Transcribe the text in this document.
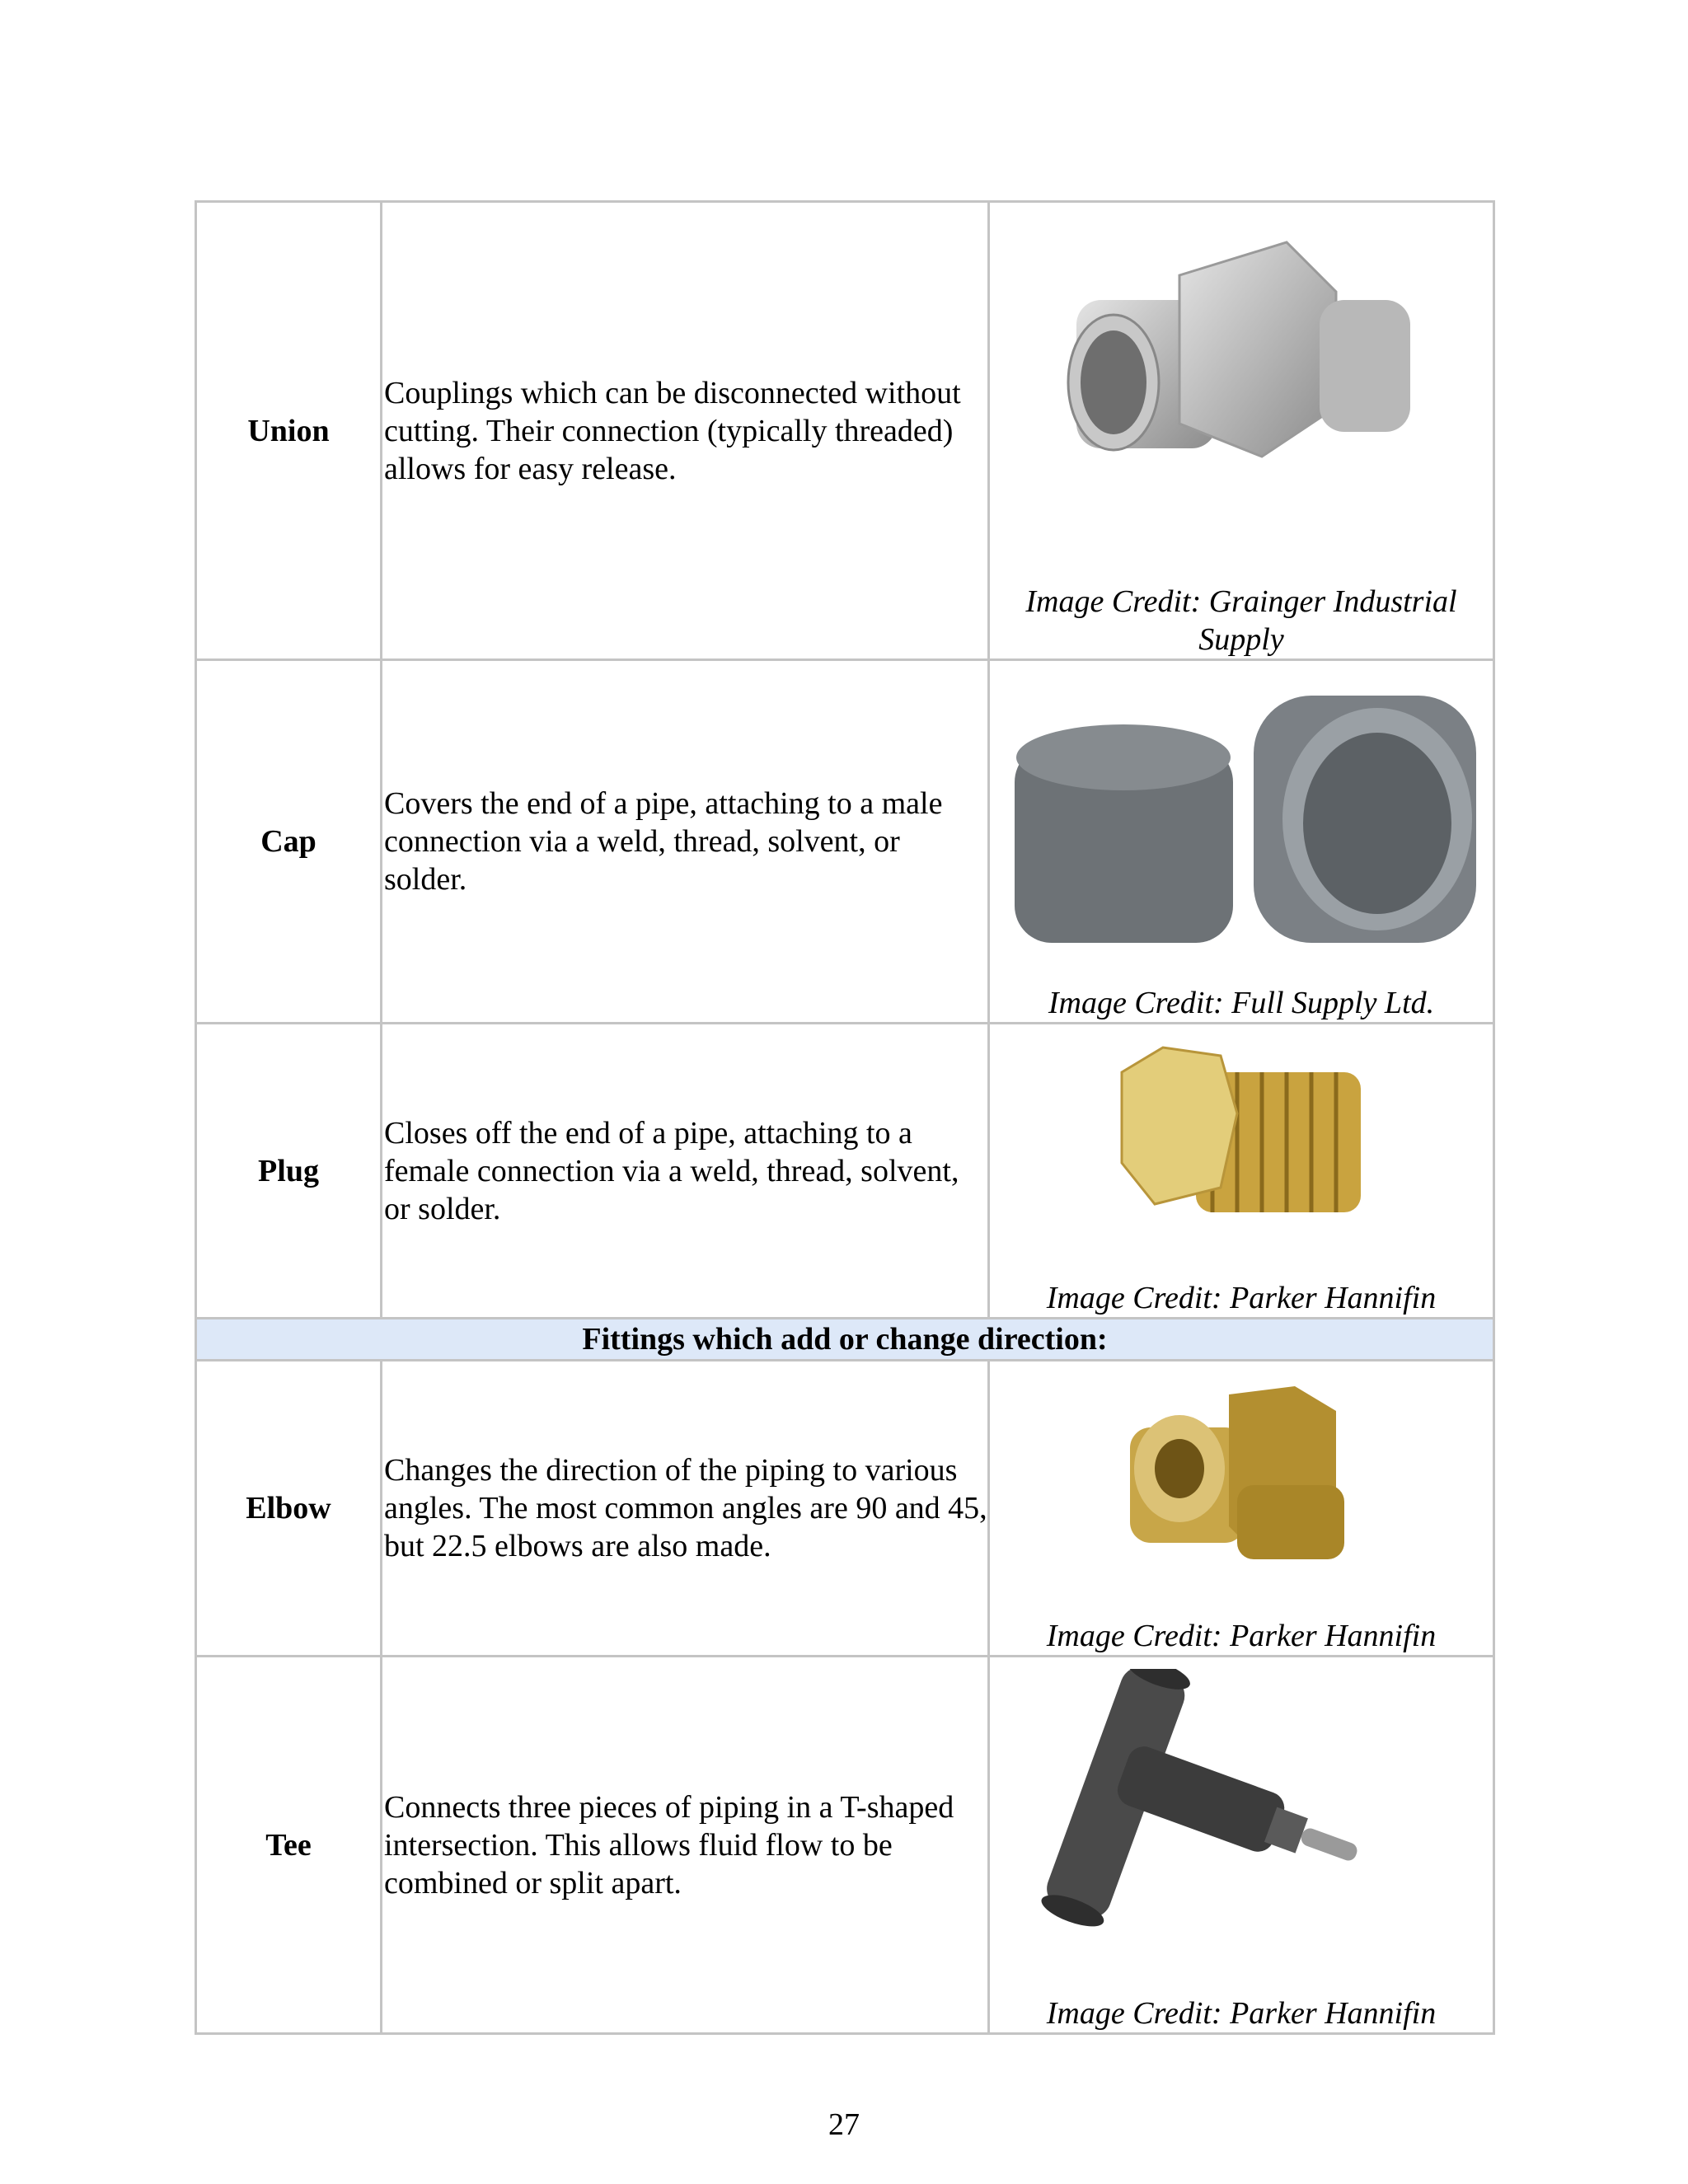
Union	Couplings which can be disconnected without cutting. Their connection (typically threaded) allows for easy release.	Image Credit: Grainger Industrial Supply

Cap	Covers the end of a pipe, attaching to a male connection via a weld, thread, solvent, or solder.	Image Credit: Full Supply Ltd.

Plug	Closes off the end of a pipe, attaching to a female connection via a weld, thread, solvent, or solder.	Image Credit: Parker Hannifin

Fittings which add or change direction:		
Elbow	Changes the direction of the piping to various angles. The most common angles are 90 and 45, but 22.5 elbows are also made.	Image Credit: Parker Hannifin

Tee	Connects three pieces of piping in a T-shaped intersection. This allows fluid flow to be combined or split apart.	Image Credit: Parker Hannifin
27
